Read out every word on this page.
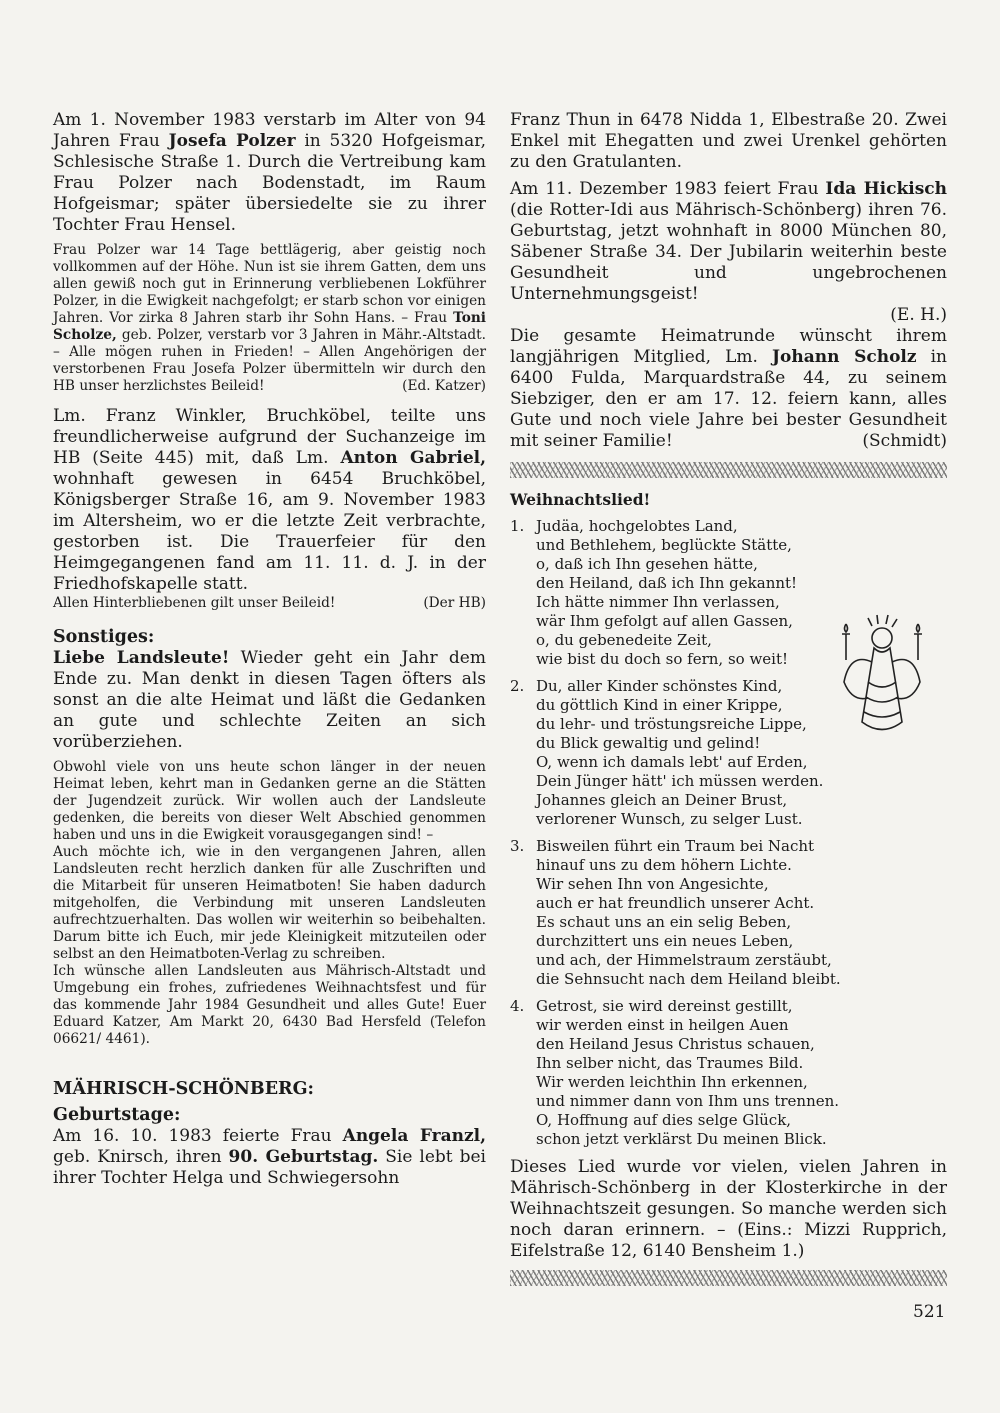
Am 1. November 1983 verstarb im Alter von 94 Jahren Frau Josefa Polzer in 5320 Hofgeismar, Schlesische Straße 1. Durch die Vertreibung kam Frau Polzer nach Bodenstadt, im Raum Hofgeismar; später übersiedelte sie zu ihrer Tochter Frau Hensel.

Frau Polzer war 14 Tage bettlägerig, aber geistig noch vollkommen auf der Höhe. Nun ist sie ihrem Gatten, dem uns allen gewiß noch gut in Erinnerung verbliebenen Lokführer Polzer, in die Ewigkeit nachgefolgt; er starb schon vor einigen Jahren. Vor zirka 8 Jahren starb ihr Sohn Hans. – Frau Toni Scholze, geb. Polzer, verstarb vor 3 Jahren in Mähr.-Altstadt. – Alle mögen ruhen in Frieden! – Allen Angehörigen der verstorbenen Frau Josefa Polzer übermitteln wir durch den HB unser herzlichstes Beileid!	(Ed. Katzer)

Lm. Franz Winkler, Bruchköbel, teilte uns freundlicherweise aufgrund der Suchanzeige im HB (Seite 445) mit, daß Lm. Anton Gabriel, wohnhaft gewesen in 6454 Bruchköbel, Königsberger Straße 16, am 9. November 1983 im Altersheim, wo er die letzte Zeit verbrachte, gestorben ist. Die Trauerfeier für den Heimgegangenen fand am 11. 11. d. J. in der Friedhofskapelle statt.

Allen Hinterbliebenen gilt unser Beileid!	(Der HB)

Sonstiges:

Liebe Landsleute! Wieder geht ein Jahr dem Ende zu. Man denkt in diesen Tagen öfters als sonst an die alte Heimat und läßt die Gedanken an gute und schlechte Zeiten an sich vorüberziehen.

Obwohl viele von uns heute schon länger in der neuen Heimat leben, kehrt man in Gedanken gerne an die Stätten der Jugendzeit zurück. Wir wollen auch der Landsleute gedenken, die bereits von dieser Welt Abschied genommen haben und uns in die Ewigkeit vorausgegangen sind! –

Auch möchte ich, wie in den vergangenen Jahren, allen Landsleuten recht herzlich danken für alle Zuschriften und die Mitarbeit für unseren Heimatboten! Sie haben dadurch mitgeholfen, die Verbindung mit unseren Landsleuten aufrechtzuerhalten. Das wollen wir weiterhin so beibehalten. Darum bitte ich Euch, mir jede Kleinigkeit mitzuteilen oder selbst an den Heimatboten-Verlag zu schreiben.

Ich wünsche allen Landsleuten aus Mährisch-Altstadt und Umgebung ein frohes, zufriedenes Weihnachtsfest und für das kommende Jahr 1984 Gesundheit und alles Gute! Euer Eduard Katzer, Am Markt 20, 6430 Bad Hersfeld (Telefon 06621/ 4461).

MÄHRISCH-SCHÖNBERG:
Geburtstage:

Am 16. 10. 1983 feierte Frau Angela Franzl, geb. Knirsch, ihren 90. Geburtstag. Sie lebt bei ihrer Tochter Helga und Schwiegersohn

Franz Thun in 6478 Nidda 1, Elbestraße 20. Zwei Enkel mit Ehegatten und zwei Urenkel gehörten zu den Gratulanten.

Am 11. Dezember 1983 feiert Frau Ida Hickisch (die Rotter-Idi aus Mährisch-Schönberg) ihren 76. Geburtstag, jetzt wohnhaft in 8000 München 80, Säbener Straße 34. Der Jubilarin weiterhin beste Gesundheit und ungebrochenen Unternehmungsgeist!

(E. H.)

Die gesamte Heimatrunde wünscht ihrem langjährigen Mitglied, Lm. Johann Scholz in 6400 Fulda, Marquardstraße 44, zu seinem Siebziger, den er am 17. 12. feiern kann, alles Gute und noch viele Jahre bei bester Gesundheit mit seiner Familie!	(Schmidt)

Weihnachtslied!
1. Judäa, hochgelobtes Land,
und Bethlehem, beglückte Stätte,
o, daß ich Ihn gesehen hätte,
den Heiland, daß ich Ihn gekannt!
Ich hätte nimmer Ihn verlassen,
wär Ihm gefolgt auf allen Gassen,
o, du gebenedeite Zeit,
wie bist du doch so fern, so weit!
2. Du, aller Kinder schönstes Kind,
du göttlich Kind in einer Krippe,
du lehr- und tröstungsreiche Lippe,
du Blick gewaltig und gelind!
O, wenn ich damals lebt' auf Erden,
Dein Jünger hätt' ich müssen werden.
Johannes gleich an Deiner Brust,
verlorener Wunsch, zu selger Lust.
3. Bisweilen führt ein Traum bei Nacht
hinauf uns zu dem höhern Lichte.
Wir sehen Ihn von Angesichte,
auch er hat freundlich unserer Acht.
Es schaut uns an ein selig Beben,
durchzittert uns ein neues Leben,
und ach, der Himmelstraum zerstäubt,
die Sehnsucht nach dem Heiland bleibt.
4. Getrost, sie wird dereinst gestillt,
wir werden einst in heilgen Auen
den Heiland Jesus Christus schauen,
Ihn selber nicht, das Traumes Bild.
Wir werden leichthin Ihn erkennen,
und nimmer dann von Ihm uns trennen.
O, Hoffnung auf dies selge Glück,
schon jetzt verklärst Du meinen Blick.

Dieses Lied wurde vor vielen, vielen Jahren in Mährisch-Schönberg in der Klosterkirche in der Weihnachtszeit gesungen. So manche werden sich noch daran erinnern. – (Eins.: Mizzi Rupprich, Eifelstraße 12, 6140 Bensheim 1.)

521
